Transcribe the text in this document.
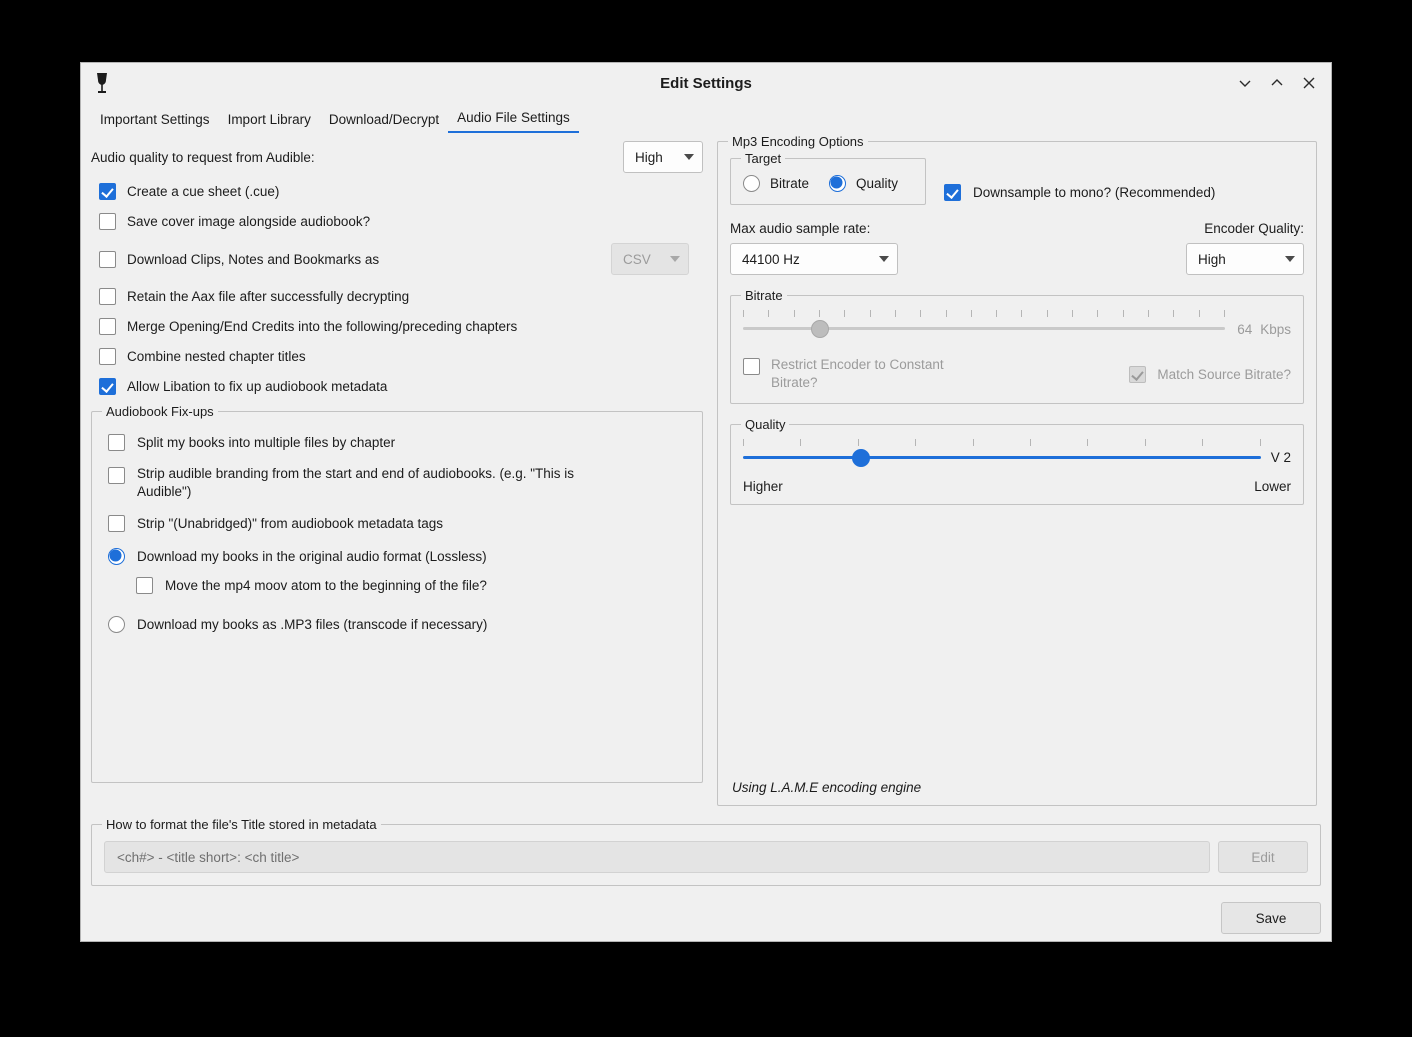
Edit Settings
Important Settings	Import Library	Download/Decrypt	Audio File Settings
Audio quality to request from Audible:	High
Create a cue sheet (.cue)
Save cover image alongside audiobook?
Download Clips, Notes and Bookmarks as	CSV
Retain the Aax file after successfully decrypting
Merge Opening/End Credits into the following/preceding chapters
Combine nested chapter titles
Allow Libation to fix up audiobook metadata
Audiobook Fix-ups
Split my books into multiple files by chapter
Strip audible branding from the start and end of audiobooks. (e.g. "This is Audible")
Strip "(Unabridged)" from audiobook metadata tags
Download my books in the original audio format (Lossless)
Move the mp4 moov atom to the beginning of the file?
Download my books as .MP3 files (transcode if necessary)
Mp3 Encoding Options
Target
Bitrate	Quality
Downsample to mono? (Recommended)
Max audio sample rate:
44100 Hz
Encoder Quality:
High
Bitrate
64 Kbps
Restrict Encoder to Constant Bitrate?
Match Source Bitrate?
Quality
V 2
Higher	Lower
Using L.A.M.E encoding engine
How to format the file's Title stored in metadata
<ch#> - <title short>: <ch title>	Edit
Save
